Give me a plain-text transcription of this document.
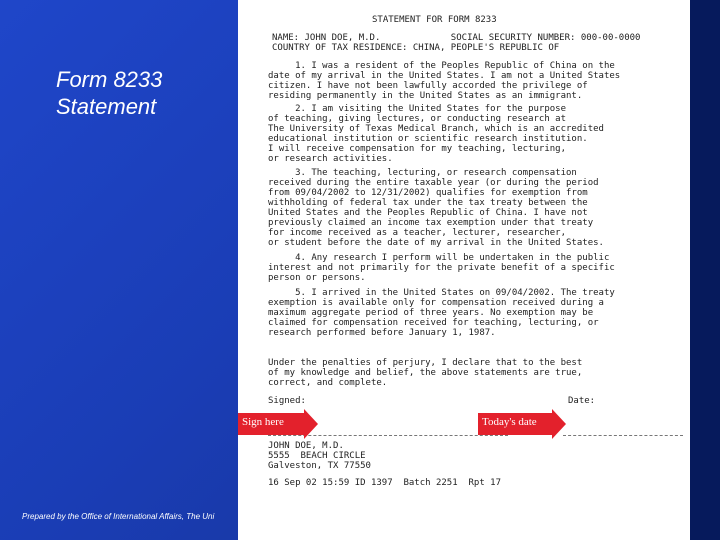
Form 8233
Statement
Prepared by the Office of International Affairs, The Uni
STATEMENT FOR FORM 8233
NAME: JOHN DOE, M.D.             SOCIAL SECURITY NUMBER: 000-00-0000
COUNTRY OF TAX RESIDENCE: CHINA, PEOPLE'S REPUBLIC OF
1. I was a resident of the Peoples Republic of China on the
date of my arrival in the United States. I am not a United States
citizen. I have not been lawfully accorded the privilege of
residing permanently in the United States as an immigrant.
2. I am visiting the United States for the purpose
of teaching, giving lectures, or conducting research at
The University of Texas Medical Branch, which is an accredited
educational institution or scientific research institution.
I will receive compensation for my teaching, lecturing,
or research activities.
3. The teaching, lecturing, or research compensation
received during the entire taxable year (or during the period
from 09/04/2002 to 12/31/2002) qualifies for exemption from
withholding of federal tax under the tax treaty between the
United States and the Peoples Republic of China. I have not
previously claimed an income tax exemption under that treaty
for income received as a teacher, lecturer, researcher,
or student before the date of my arrival in the United States.
4. Any research I perform will be undertaken in the public
interest and not primarily for the private benefit of a specific
person or persons.
5. I arrived in the United States on 09/04/2002. The treaty
exemption is available only for compensation received during a
maximum aggregate period of three years. No exemption may be
claimed for compensation received for teaching, lecturing, or
research performed before January 1, 1987.
Under the penalties of perjury, I declare that to the best
of my knowledge and belief, the above statements are true,
correct, and complete.
Signed:	Date:
JOHN DOE, M.D.
5555  BEACH CIRCLE
Galveston, TX 77550
16 Sep 02 15:59 ID 1397  Batch 2251  Rpt 17
Sign here	Today's date
